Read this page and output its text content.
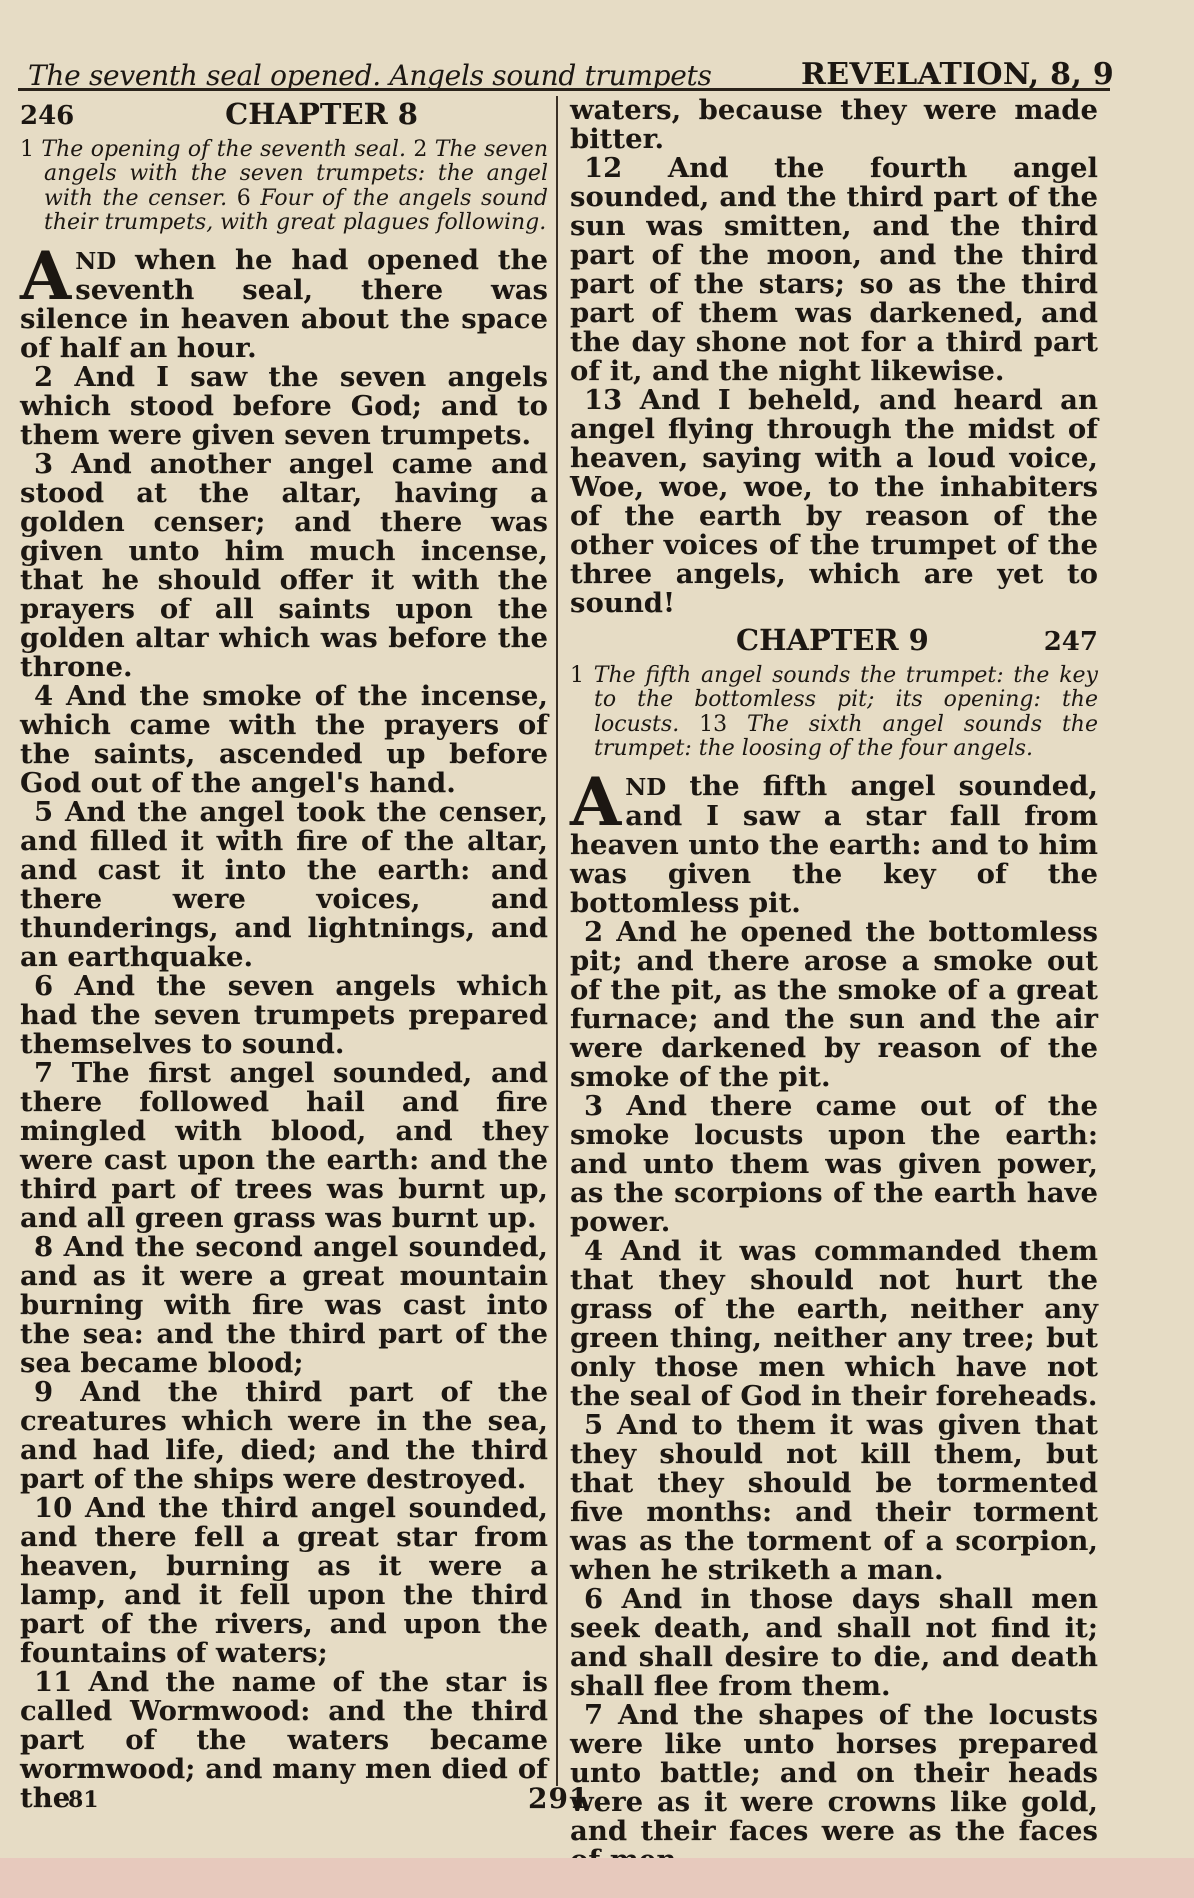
The seventh seal opened. Angels sound trumpets	REVELATION, 8, 9
246	CHAPTER 8
1 The opening of the seventh seal. 2 The seven angels with the seven trumpets: the angel with the censer. 6 Four of the angels sound their trumpets, with great plagues following.

AND when he had opened the seventh seal, there was silence in heaven about the space of half an hour.

2 And I saw the seven angels which stood before God; and to them were given seven trumpets.

3 And another angel came and stood at the altar, having a golden censer; and there was given unto him much incense, that he should offer it with the prayers of all saints upon the golden altar which was before the throne.

4 And the smoke of the incense, which came with the prayers of the saints, ascended up before God out of the angel's hand.

5 And the angel took the censer, and filled it with fire of the altar, and cast it into the earth: and there were voices, and thunderings, and lightnings, and an earthquake.

6 And the seven angels which had the seven trumpets prepared themselves to sound.

7 The first angel sounded, and there followed hail and fire mingled with blood, and they were cast upon the earth: and the third part of trees was burnt up, and all green grass was burnt up.

8 And the second angel sounded, and as it were a great mountain burning with fire was cast into the sea: and the third part of the sea became blood;

9 And the third part of the creatures which were in the sea, and had life, died; and the third part of the ships were destroyed.

10 And the third angel sounded, and there fell a great star from heaven, burning as it were a lamp, and it fell upon the third part of the rivers, and upon the fountains of waters;

11 And the name of the star is called Wormwood: and the third part of the waters became wormwood; and many men died of the

waters, because they were made bitter.

12 And the fourth angel sounded, and the third part of the sun was smitten, and the third part of the moon, and the third part of the stars; so as the third part of them was darkened, and the day shone not for a third part of it, and the night likewise.

13 And I beheld, and heard an angel flying through the midst of heaven, saying with a loud voice, Woe, woe, woe, to the inhabiters of the earth by reason of the other voices of the trumpet of the three angels, which are yet to sound!

CHAPTER 9	247
1 The fifth angel sounds the trumpet: the key to the bottomless pit; its opening: the locusts. 13 The sixth angel sounds the trumpet: the loosing of the four angels.

AND the fifth angel sounded, and I saw a star fall from heaven unto the earth: and to him was given the key of the bottomless pit.

2 And he opened the bottomless pit; and there arose a smoke out of the pit, as the smoke of a great furnace; and the sun and the air were darkened by reason of the smoke of the pit.

3 And there came out of the smoke locusts upon the earth: and unto them was given power, as the scorpions of the earth have power.

4 And it was commanded them that they should not hurt the grass of the earth, neither any green thing, neither any tree; but only those men which have not the seal of God in their foreheads.

5 And to them it was given that they should not kill them, but that they should be tormented five months: and their torment was as the torment of a scorpion, when he striketh a man.

6 And in those days shall men seek death, and shall not find it; and shall desire to die, and death shall flee from them.

7 And the shapes of the locusts were like unto horses prepared unto battle; and on their heads were as it were crowns like gold, and their faces were as the faces

81	291
